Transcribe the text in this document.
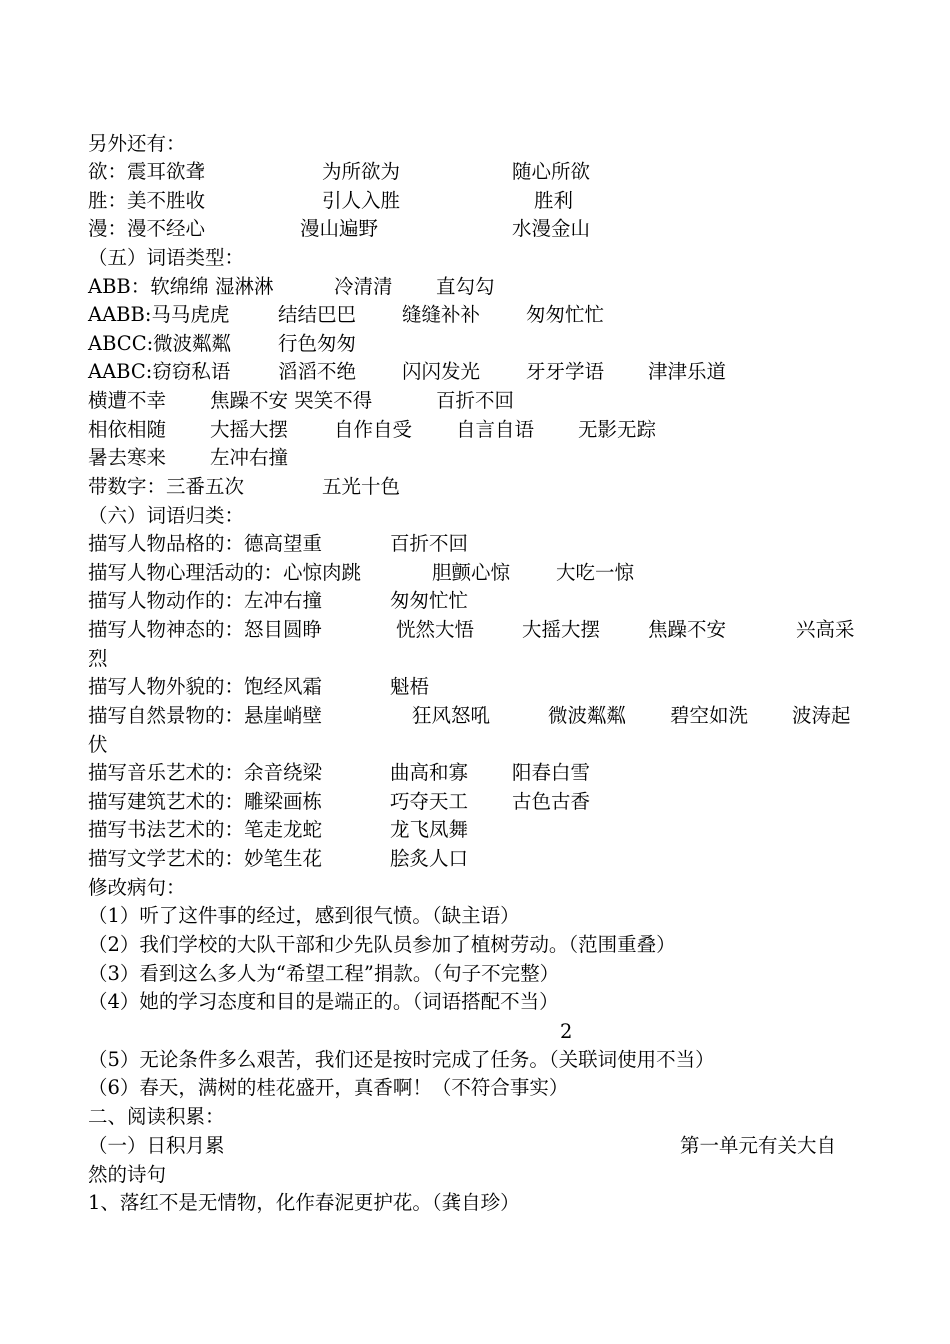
另外还有：
欲：震耳欲聋	为所欲为	随心所欲
胜：美不胜收	引人入胜	胜利
漫：漫不经心	漫山遍野	水漫金山
（五）词语类型：
ABB：软绵绵 湿淋淋	冷清清 直勾勾
AABB:马马虎虎 结结巴巴 缝缝补补 匆匆忙忙
ABCC:微波粼粼 行色匆匆
AABC:窃窃私语 滔滔不绝 闪闪发光 牙牙学语 津津乐道
横遭不幸 焦躁不安 哭笑不得	百折不回
相依相随 大摇大摆 自作自受 自言自语 无影无踪
暑去寒来 左冲右撞
带数字：三番五次	五光十色
（六）词语归类：
描写人物品格的：德高望重	百折不回
描写人物心理活动的：心惊肉跳	胆颤心惊 大吃一惊
描写人物动作的：左冲右撞	匆匆忙忙
描写人物神态的：怒目圆睁	恍然大悟 大摇大摆 焦躁不安	兴高采
烈
描写人物外貌的：饱经风霜	魁梧
描写自然景物的：悬崖峭壁	狂风怒吼	微波粼粼 碧空如洗 波涛起
伏
描写音乐艺术的：余音绕梁	曲高和寡 阳春白雪
描写建筑艺术的：雕梁画栋	巧夺天工 古色古香
描写书法艺术的：笔走龙蛇	龙飞凤舞
描写文学艺术的：妙笔生花	脍炙人口
修改病句：
（1）听了这件事的经过，感到很气愤。（缺主语）
（2）我们学校的大队干部和少先队员参加了植树劳动。（范围重叠）
（3）看到这么多人为“希望工程”捐款。（句子不完整）
（4）她的学习态度和目的是端正的。（词语搭配不当）
2
（5）无论条件多么艰苦，我们还是按时完成了任务。（关联词使用不当）
（6）春天，满树的桂花盛开，真香啊！（不符合事实）
二、阅读积累：
（一）日积月累	第一单元有关大自
然的诗句
1、落红不是无情物，化作春泥更护花。（龚自珍）
